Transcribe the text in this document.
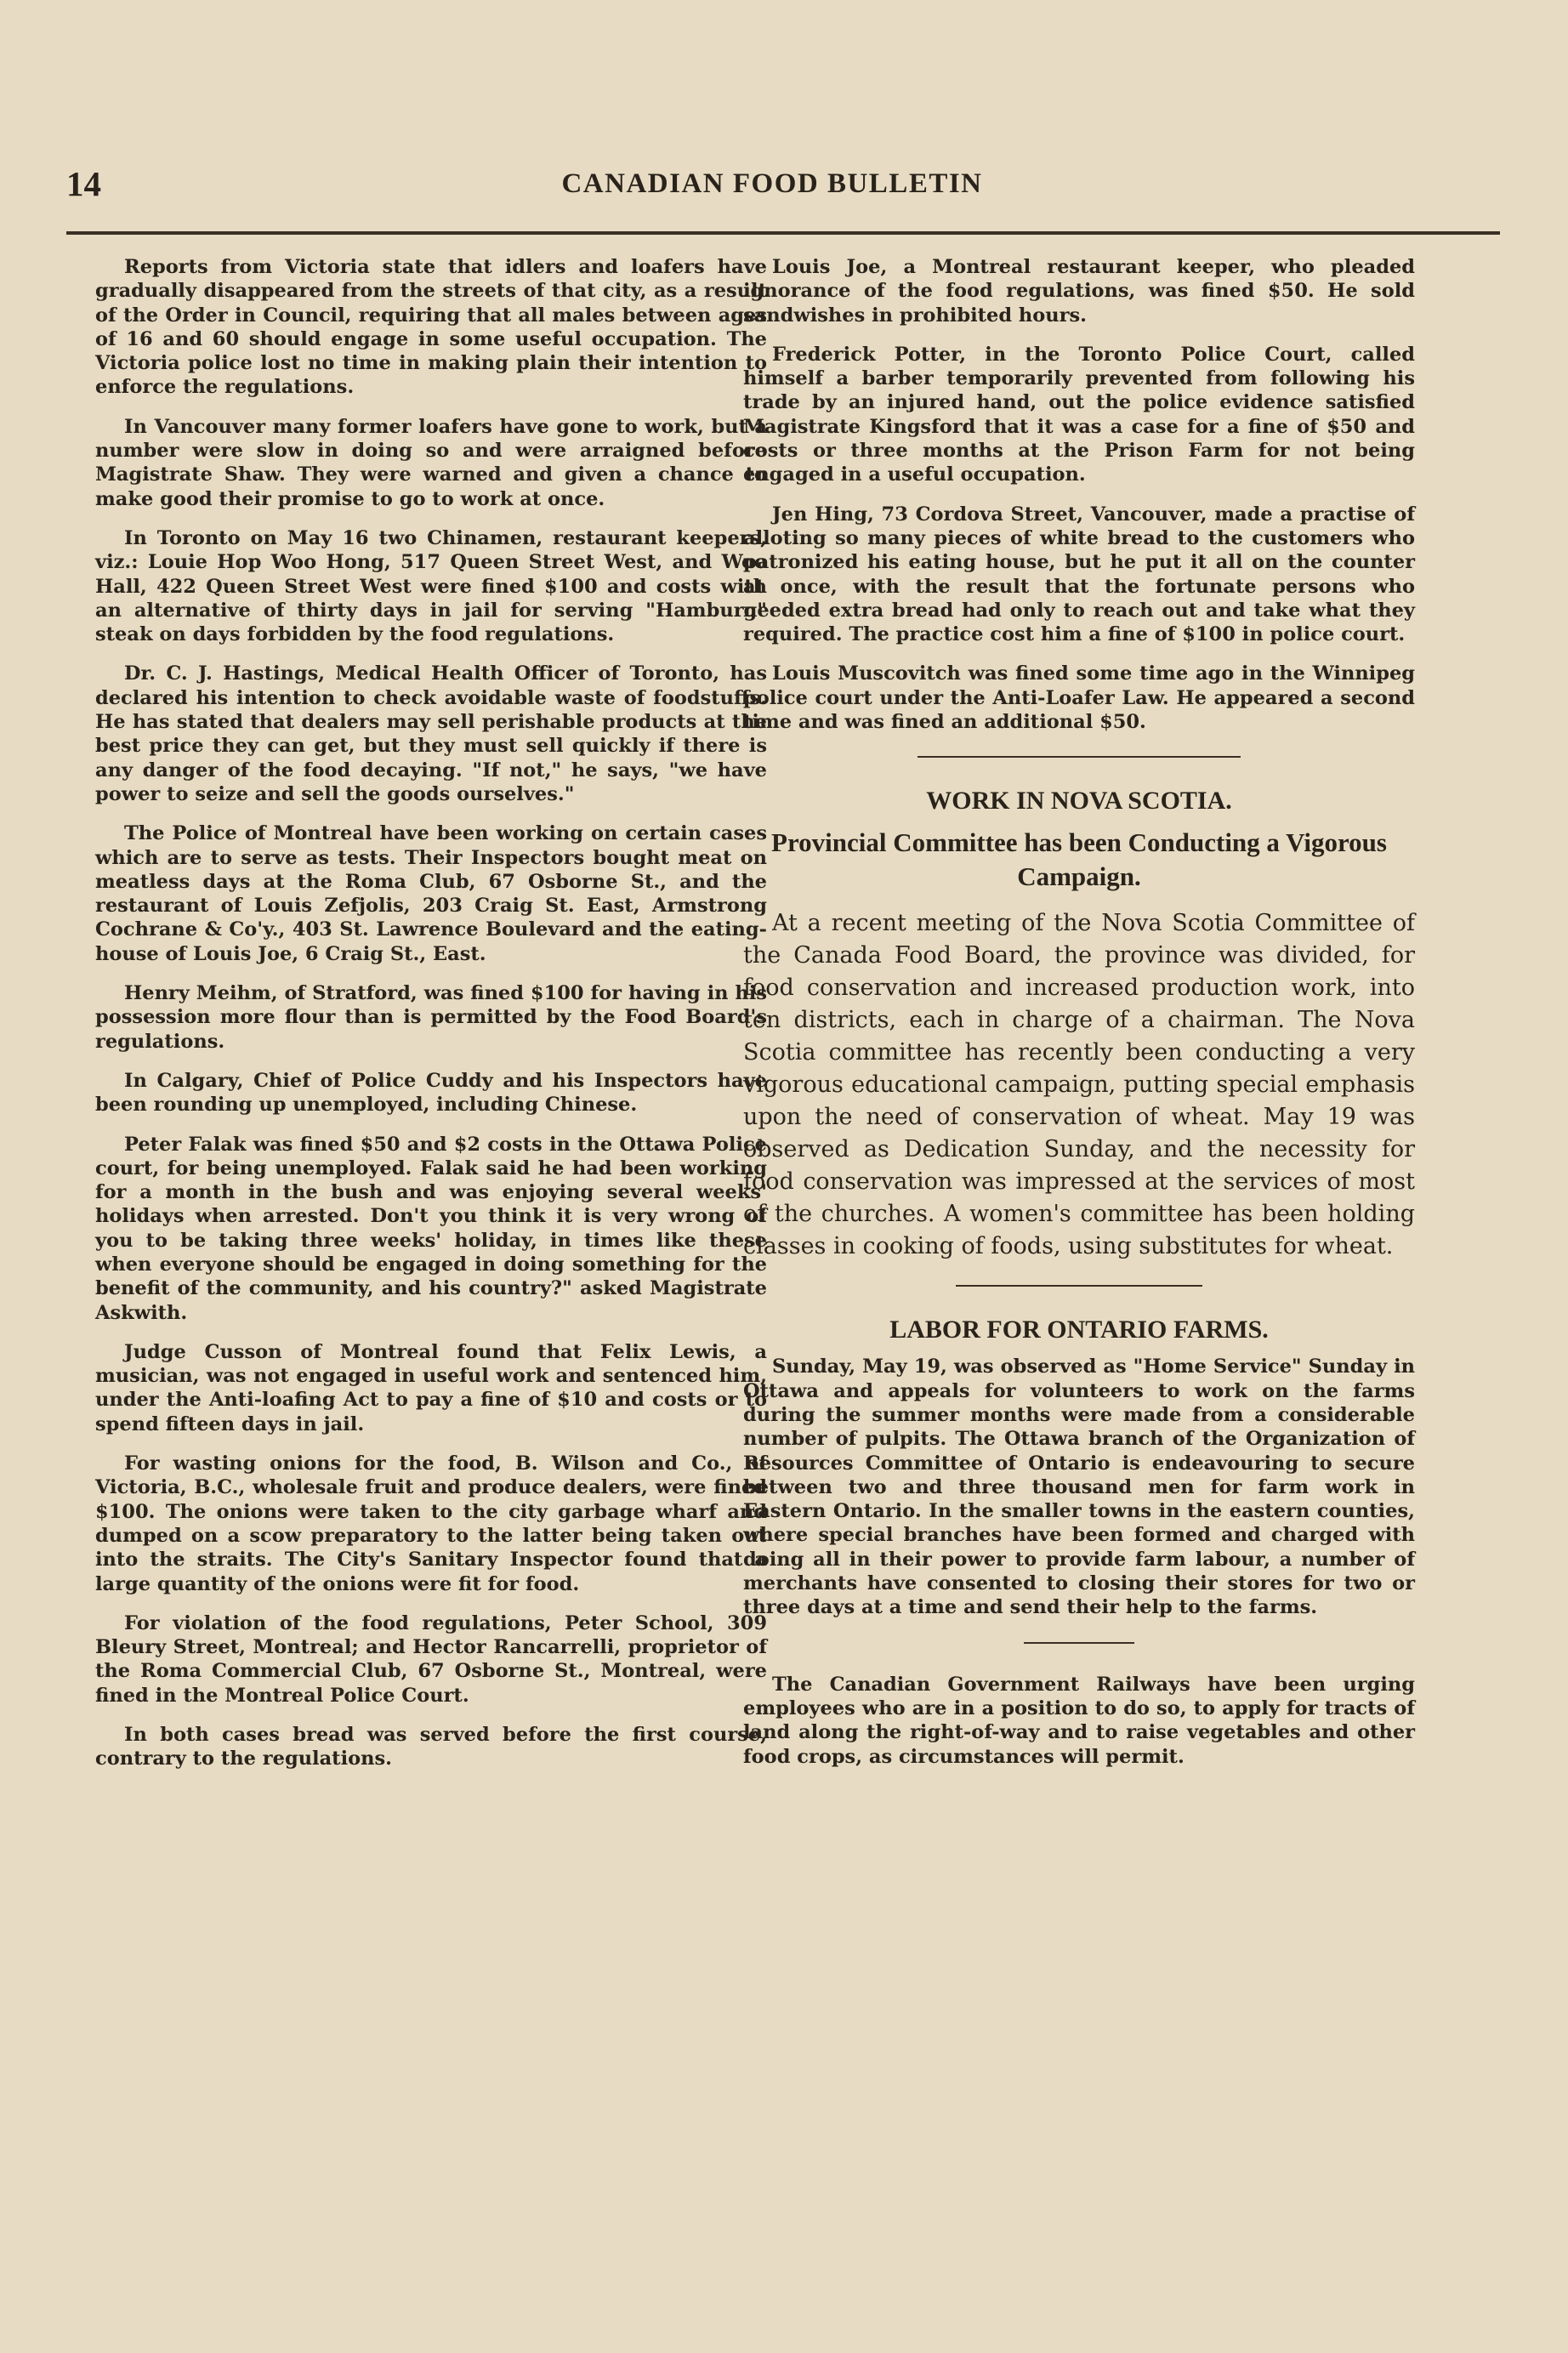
14	CANADIAN FOOD BULLETIN

Reports from Victoria state that idlers and loafers have gradually disappeared from the streets of that city, as a result of the Order in Council, requiring that all males between ages of 16 and 60 should engage in some useful occupation. The Victoria police lost no time in making plain their intention to enforce the regulations.

In Vancouver many former loafers have gone to work, but a number were slow in doing so and were arraigned before Magistrate Shaw. They were warned and given a chance to make good their promise to go to work at once.

In Toronto on May 16 two Chinamen, restaurant keepers, viz.: Louie Hop Woo Hong, 517 Queen Street West, and Woo Hall, 422 Queen Street West were fined $100 and costs with an alternative of thirty days in jail for serving "Hamburg" steak on days forbidden by the food regulations.

Dr. C. J. Hastings, Medical Health Officer of Toronto, has declared his intention to check avoidable waste of foodstuffs. He has stated that dealers may sell perishable products at the best price they can get, but they must sell quickly if there is any danger of the food decaying. "If not," he says, "we have power to seize and sell the goods ourselves."

The Police of Montreal have been working on certain cases which are to serve as tests. Their Inspectors bought meat on meatless days at the Roma Club, 67 Osborne St., and the restaurant of Louis Zefjolis, 203 Craig St. East, Armstrong Cochrane & Co'y., 403 St. Lawrence Boulevard and the eating-house of Louis Joe, 6 Craig St., East.

Henry Meihm, of Stratford, was fined $100 for having in his possession more flour than is permitted by the Food Board's regulations.

In Calgary, Chief of Police Cuddy and his Inspectors have been rounding up unemployed, including Chinese.

Peter Falak was fined $50 and $2 costs in the Ottawa Police court, for being unemployed. Falak said he had been working for a month in the bush and was enjoying several weeks' holidays when arrested. Don't you think it is very wrong of you to be taking three weeks' holiday, in times like these when everyone should be engaged in doing something for the benefit of the community, and his country?" asked Magistrate Askwith.

Judge Cusson of Montreal found that Felix Lewis, a musician, was not engaged in useful work and sentenced him, under the Anti-loafing Act to pay a fine of $10 and costs or to spend fifteen days in jail.

For wasting onions for the food, B. Wilson and Co., of Victoria, B.C., wholesale fruit and produce dealers, were fined $100. The onions were taken to the city garbage wharf and dumped on a scow preparatory to the latter being taken out into the straits. The City's Sanitary Inspector found that a large quantity of the onions were fit for food.

For violation of the food regulations, Peter School, 309 Bleury Street, Montreal; and Hector Rancarrelli, proprietor of the Roma Commercial Club, 67 Osborne St., Montreal, were fined in the Montreal Police Court.

In both cases bread was served before the first course, contrary to the regulations.

Louis Joe, a Montreal restaurant keeper, who pleaded ignorance of the food regulations, was fined $50. He sold sandwishes in prohibited hours.

Frederick Potter, in the Toronto Police Court, called himself a barber temporarily prevented from following his trade by an injured hand, out the police evidence satisfied Magistrate Kingsford that it was a case for a fine of $50 and costs or three months at the Prison Farm for not being engaged in a useful occupation.

Jen Hing, 73 Cordova Street, Vancouver, made a practise of alloting so many pieces of white bread to the customers who patronized his eating house, but he put it all on the counter at once, with the result that the fortunate persons who needed extra bread had only to reach out and take what they required. The practice cost him a fine of $100 in police court.

Louis Muscovitch was fined some time ago in the Winnipeg police court under the Anti-Loafer Law. He appeared a second time and was fined an additional $50.

WORK IN NOVA SCOTIA.
Provincial Committee has been Conducting a Vigorous Campaign.

At a recent meeting of the Nova Scotia Committee of the Canada Food Board, the province was divided, for food conservation and increased production work, into ten districts, each in charge of a chairman. The Nova Scotia committee has recently been conducting a very vigorous educational campaign, putting special emphasis upon the need of conservation of wheat. May 19 was observed as Dedication Sunday, and the necessity for food conservation was impressed at the services of most of the churches. A women's committee has been holding classes in cooking of foods, using substitutes for wheat.

LABOR FOR ONTARIO FARMS.

Sunday, May 19, was observed as "Home Service" Sunday in Ottawa and appeals for volunteers to work on the farms during the summer months were made from a considerable number of pulpits. The Ottawa branch of the Organization of Resources Committee of Ontario is endeavouring to secure between two and three thousand men for farm work in Eastern Ontario. In the smaller towns in the eastern counties, where special branches have been formed and charged with doing all in their power to provide farm labour, a number of merchants have consented to closing their stores for two or three days at a time and send their help to the farms.

The Canadian Government Railways have been urging employees who are in a position to do so, to apply for tracts of land along the right-of-way and to raise vegetables and other food crops, as circumstances will permit.
